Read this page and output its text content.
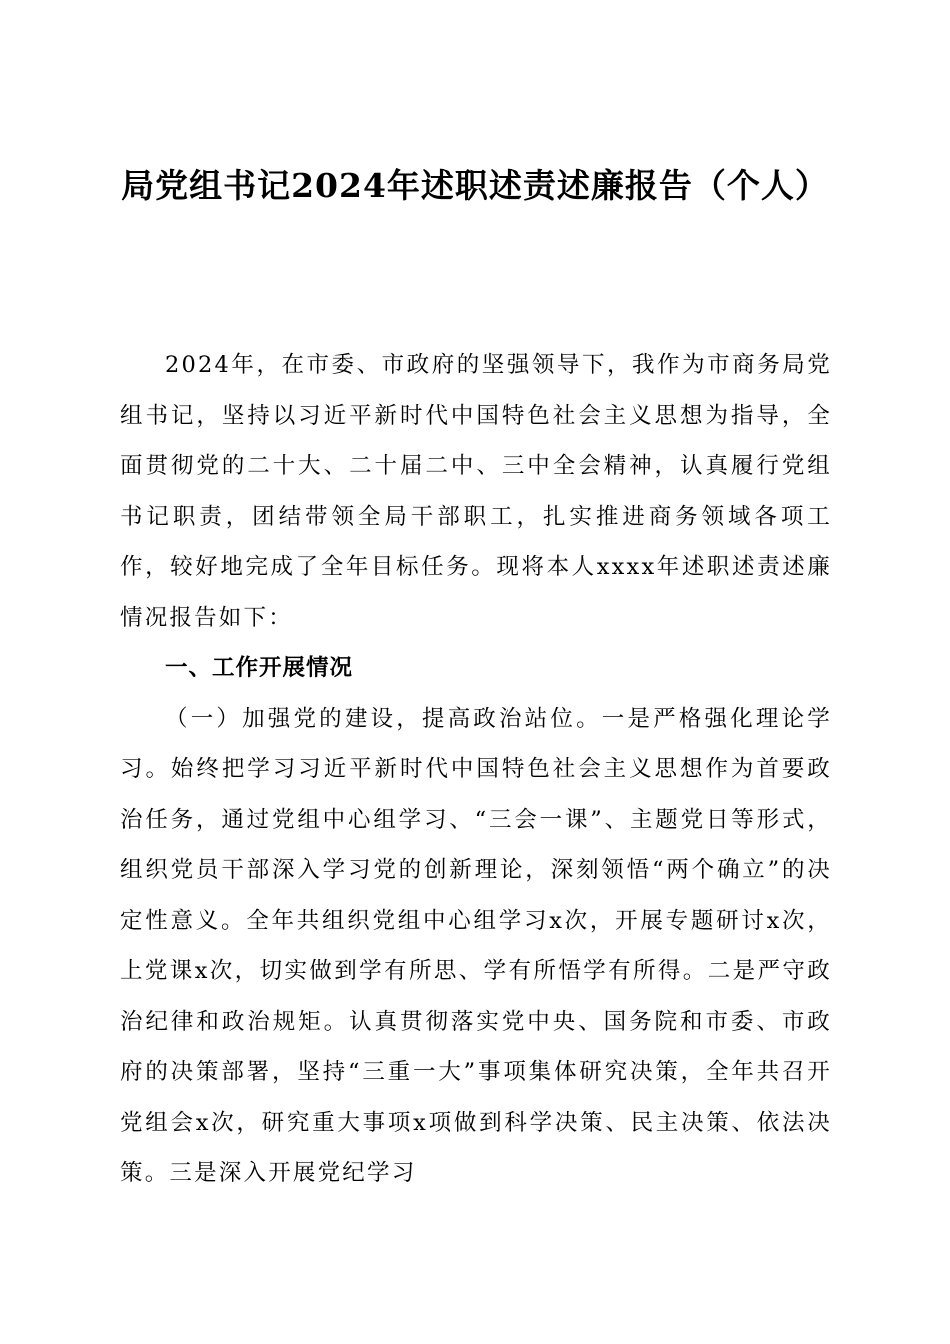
局党组书记2024年述职述责述廉报告（个人）

2024年，在市委、市政府的坚强领导下，我作为市商务局党组书记，坚持以习近平新时代中国特色社会主义思想为指导，全面贯彻党的二十大、二十届二中、三中全会精神，认真履行党组书记职责，团结带领全局干部职工，扎实推进商务领域各项工作，较好地完成了全年目标任务。现将本人xxxx年述职述责述廉情况报告如下：

一、工作开展情况

（一）加强党的建设，提高政治站位。一是严格强化理论学习。始终把学习习近平新时代中国特色社会主义思想作为首要政治任务，通过党组中心组学习、“三会一课”、主题党日等形式，组织党员干部深入学习党的创新理论，深刻领悟“两个确立”的决定性意义。全年共组织党组中心组学习x次，开展专题研讨x次，上党课x次，切实做到学有所思、学有所悟学有所得。二是严守政治纪律和政治规矩。认真贯彻落实党中央、国务院和市委、市政府的决策部署，坚持“三重一大”事项集体研究决策，全年共召开党组会x次，研究重大事项x项做到科学决策、民主决策、依法决策。三是深入开展党纪学习
